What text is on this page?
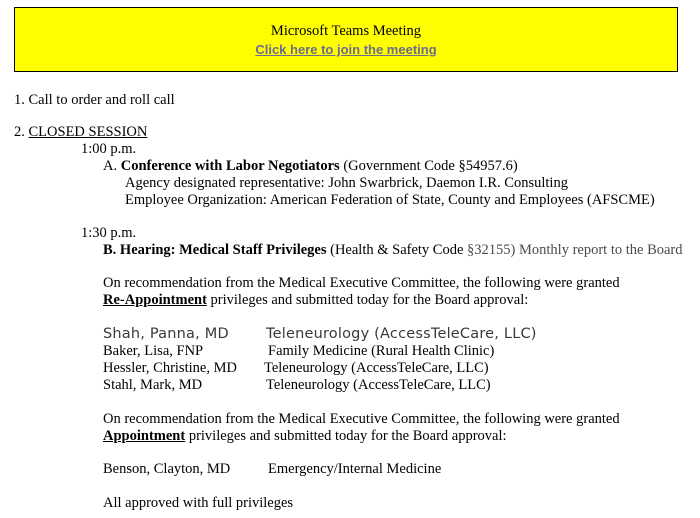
Microsoft Teams Meeting
Click here to join the meeting
1. Call to order and roll call
2. CLOSED SESSION
1:00 p.m.
A. Conference with Labor Negotiators (Government Code §54957.6)
Agency designated representative: John Swarbrick, Daemon I.R. Consulting
Employee Organization: American Federation of State, County and Employees (AFSCME)
1:30 p.m.
B. Hearing: Medical Staff Privileges (Health & Safety Code §32155) Monthly report to the Board
On recommendation from the Medical Executive Committee, the following were granted
Re-Appointment privileges and submitted today for the Board approval:
Shah, Panna, MD	Teleneurology (AccessTeleCare, LLC)
Baker, Lisa, FNP	Family Medicine (Rural Health Clinic)
Hessler, Christine, MD Teleneurology (AccessTeleCare, LLC)
Stahl, Mark, MD	Teleneurology (AccessTeleCare, LLC)
On recommendation from the Medical Executive Committee, the following were granted
Appointment privileges and submitted today for the Board approval:
Benson, Clayton, MD	Emergency/Internal Medicine
All approved with full privileges
